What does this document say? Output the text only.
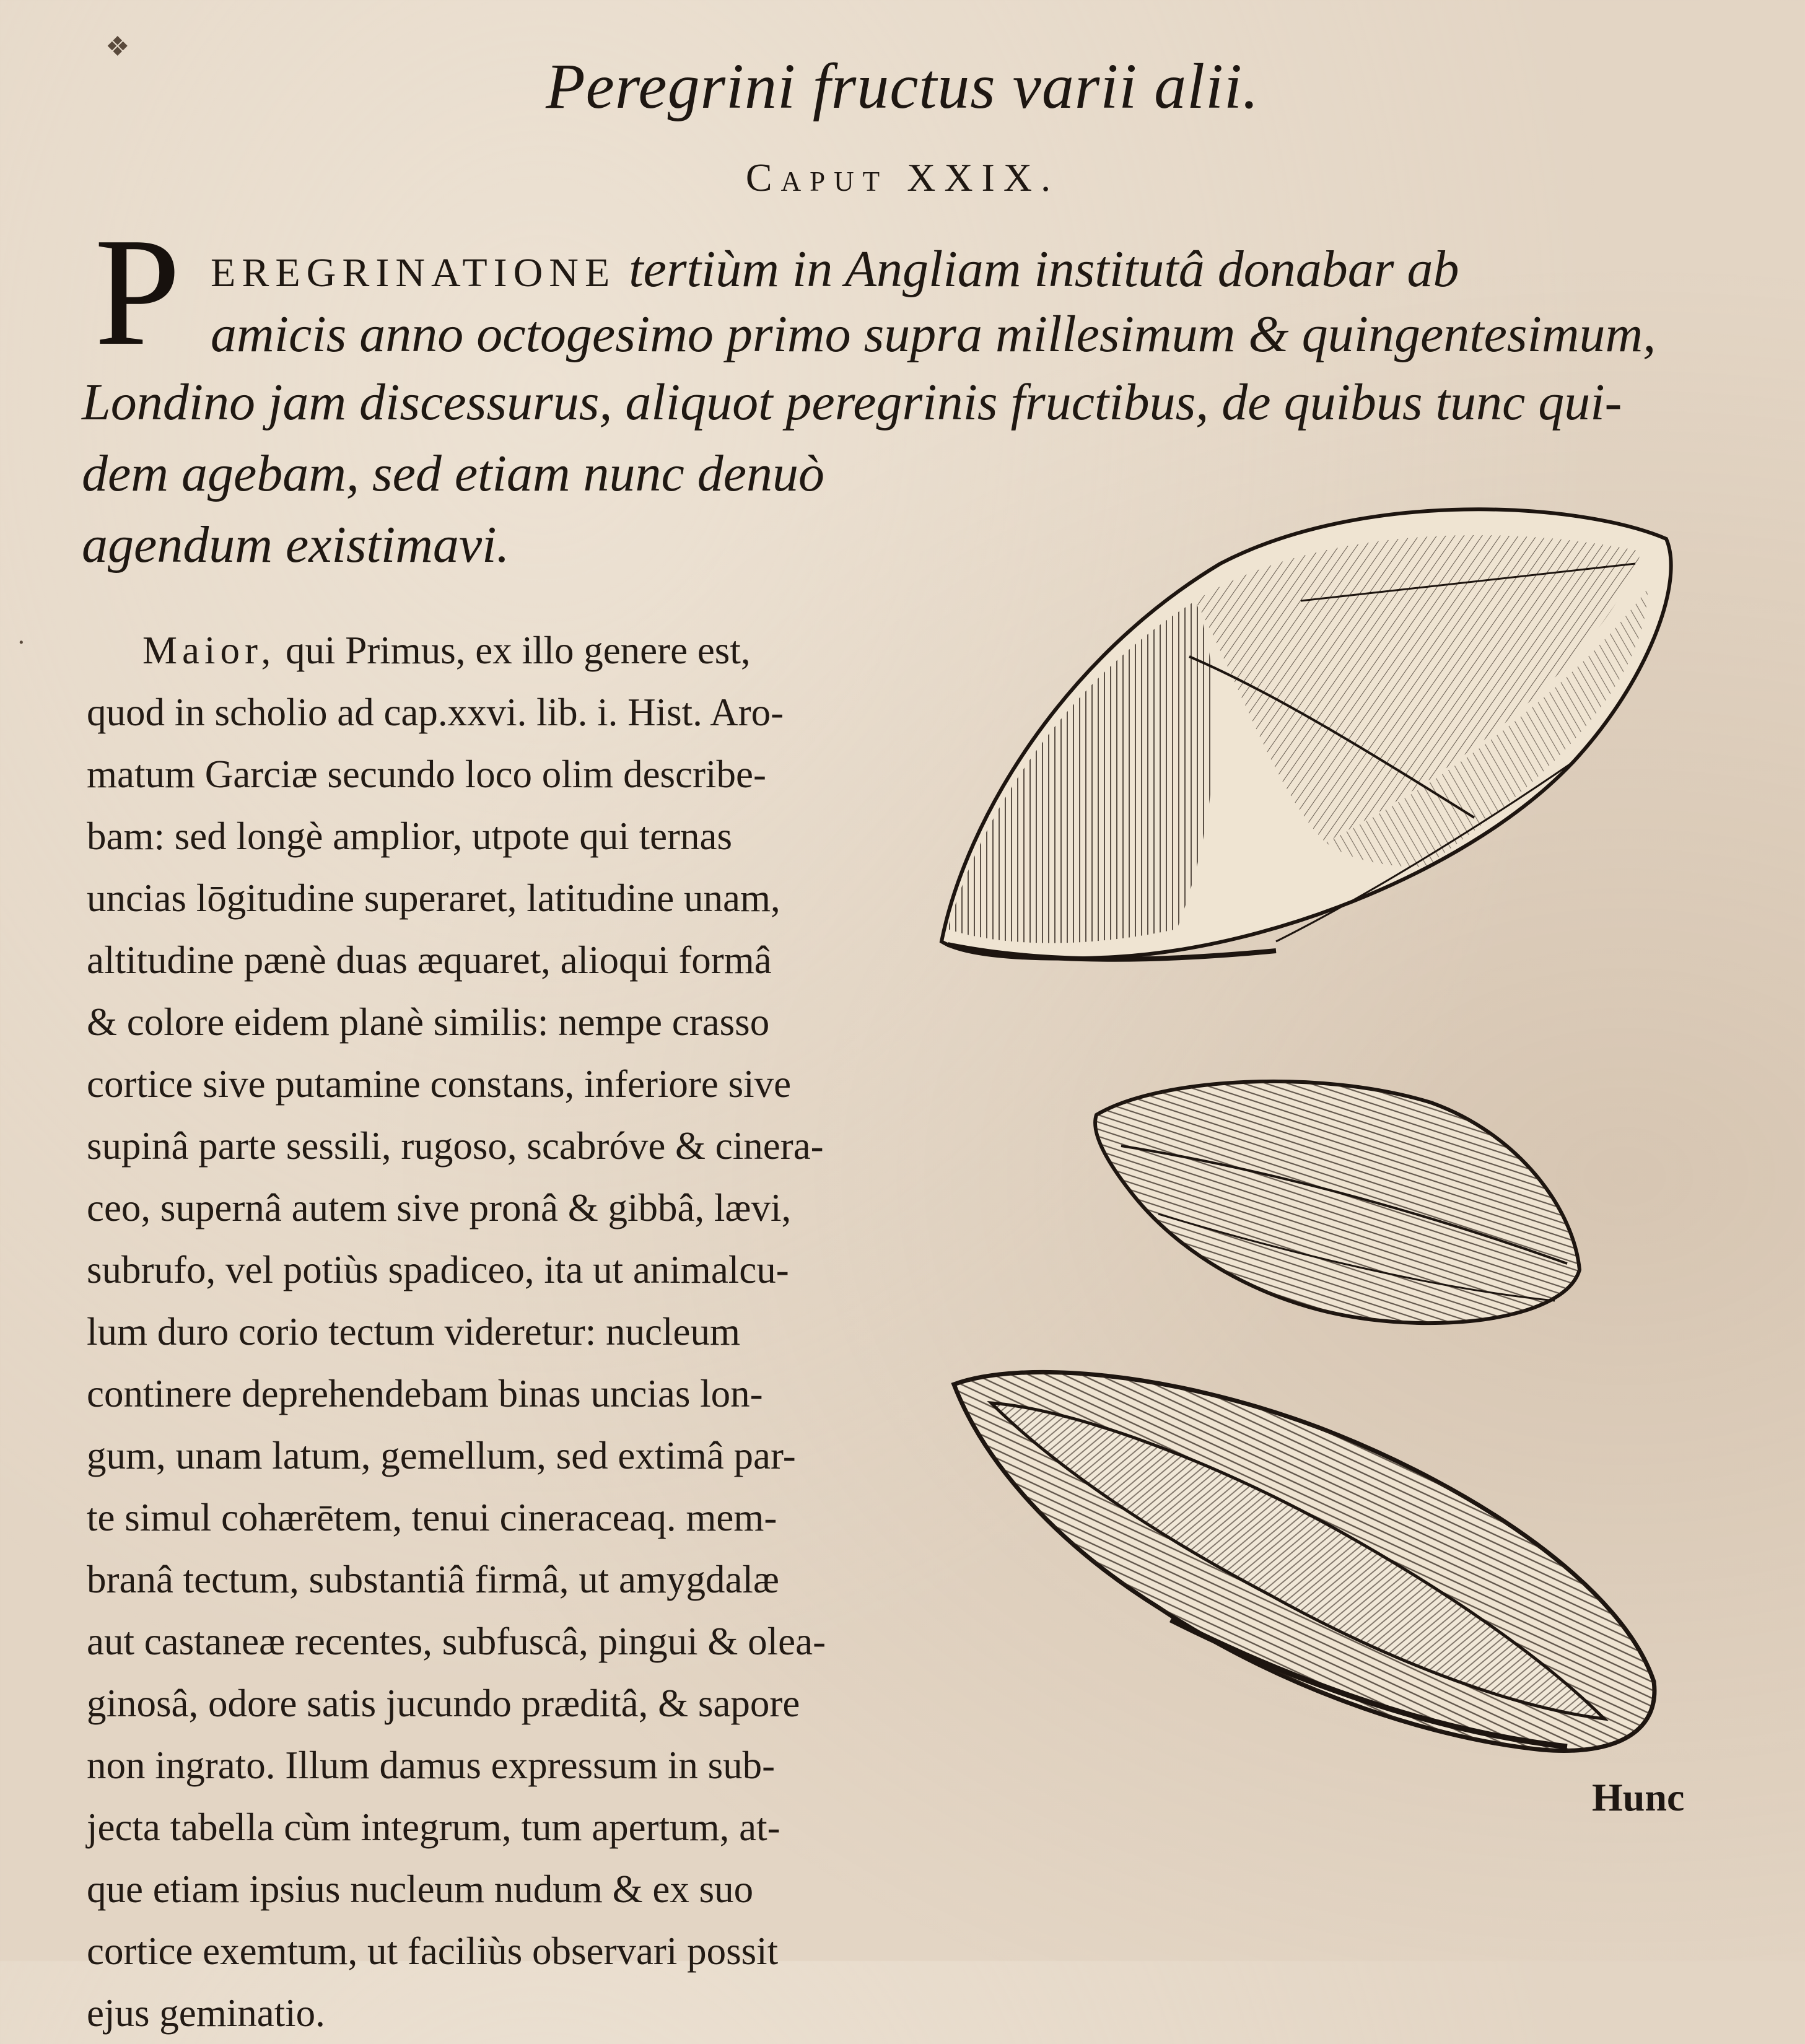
Peregrini fructus varii alii.
Caput XXIX.
P EREGRINATIONE tertiùm in Angliam institutâ donabar ab
amicis anno octogesimo primo supra millesimum & quingentesimum,
Londino jam discessurus, aliquot peregrinis fructibus, de quibus tunc qui-
dem agebam, sed etiam nunc denuò
agendum existimavi.
Maior, qui Primus, ex illo genere est,
quod in scholio ad cap.xxvi. lib. i. Hist. Aro-
matum Garciæ secundo loco olim describe-
bam: sed longè amplior, utpote qui ternas
uncias lōgitudine superaret, latitudine unam,
altitudine pænè duas æquaret, alioqui formâ
& colore eidem planè similis: nempe crasso
cortice sive putamine constans, inferiore sive
supinâ parte sessili, rugoso, scabróve & cinera-
ceo, supernâ autem sive pronâ & gibbâ, lævi,
subrufo, vel potiùs spadiceo, ita ut animalcu-
lum duro corio tectum videretur: nucleum
continere deprehendebam binas uncias lon-
gum, unam latum, gemellum, sed extimâ par-
te simul cohærētem, tenui cineraceaq. mem-
branâ tectum, substantiâ firmâ, ut amygdalæ
aut castaneæ recentes, subfuscâ, pingui & olea-
ginosâ, odore satis jucundo præditâ, & sapore
non ingrato. Illum damus expressum in sub-
jecta tabella cùm integrum, tum apertum, at-
que etiam ipsius nucleum nudum & ex suo
cortice exemtum, ut faciliùs observari possit
ejus geminatio.
Hunc
❖
·
